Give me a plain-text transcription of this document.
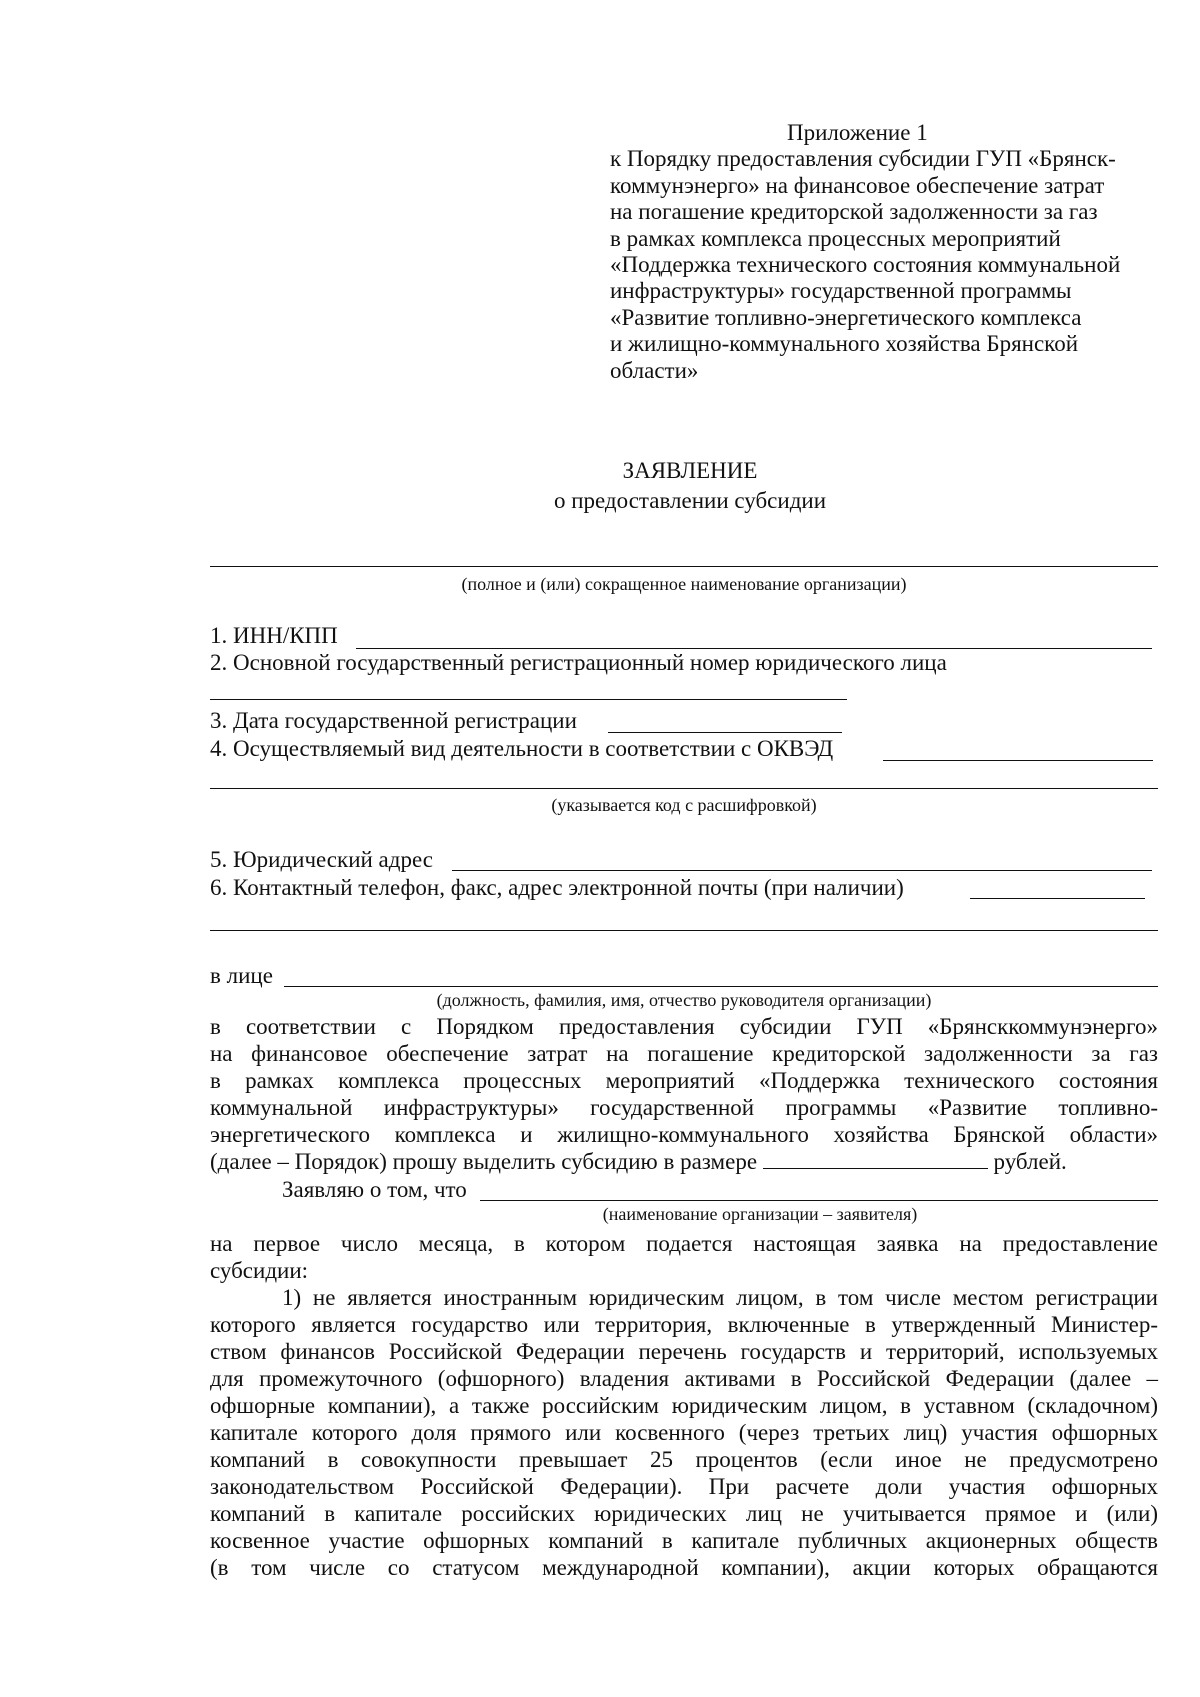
Приложение 1
к Порядку предоставления субсидии ГУП «Брянск-
коммунэнерго» на финансовое обеспечение затрат
на погашение кредиторской задолженности за газ
в рамках комплекса процессных мероприятий
«Поддержка технического состояния коммунальной
инфраструктуры» государственной программы
«Развитие топливно-энергетического комплекса
и жилищно-коммунального хозяйства Брянской
области»
ЗАЯВЛЕНИЕ
о предоставлении субсидии
(полное и (или) сокращенное наименование организации)
1. ИНН/КПП
2. Основной государственный регистрационный номер юридического лица
3. Дата государственной регистрации
4. Осуществляемый вид деятельности в соответствии с ОКВЭД
(указывается код с расшифровкой)
5. Юридический адрес
6. Контактный телефон, факс, адрес электронной почты (при наличии)
в лице
(должность, фамилия, имя, отчество руководителя организации)
в соответствии с Порядком предоставления субсидии ГУП «Брянсккоммунэнерго»
на финансовое обеспечение затрат на погашение кредиторской задолженности за газ
в рамках комплекса процессных мероприятий «Поддержка технического состояния
коммунальной инфраструктуры» государственной программы «Развитие топливно-
энергетического комплекса и жилищно-коммунального хозяйства Брянской области»
(далее – Порядок) прошу выделить субсидию в размере	рублей.
Заявляю о том, что
(наименование организации – заявителя)
на первое число месяца, в котором подается настоящая заявка на предоставление
субсидии:
1) не является иностранным юридическим лицом, в том числе местом регистрации
которого является государство или территория, включенные в утвержденный Министер-
ством финансов Российской Федерации перечень государств и территорий, используемых
для промежуточного (офшорного) владения активами в Российской Федерации (далее –
офшорные компании), а также российским юридическим лицом, в уставном (складочном)
капитале которого доля прямого или косвенного (через третьих лиц) участия офшорных
компаний в совокупности превышает 25 процентов (если иное не предусмотрено
законодательством Российской Федерации). При расчете доли участия офшорных
компаний в капитале российских юридических лиц не учитывается прямое и (или)
косвенное участие офшорных компаний в капитале публичных акционерных обществ
(в том числе со статусом международной компании), акции которых обращаются
